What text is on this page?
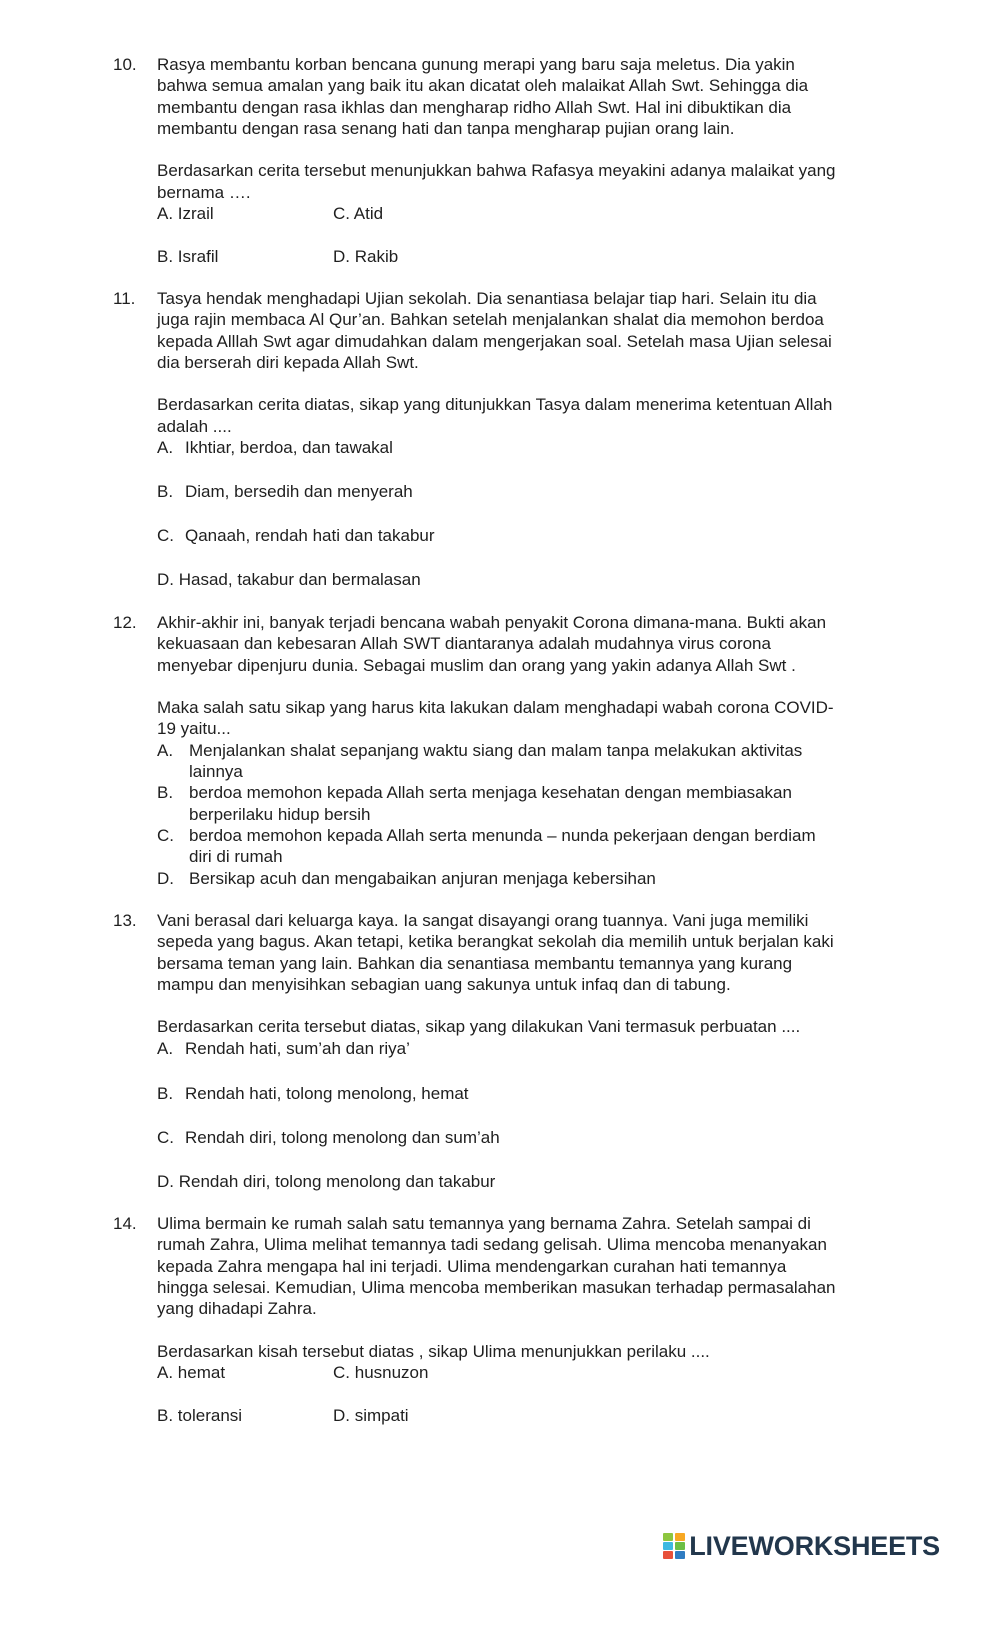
10. Rasya membantu korban bencana gunung merapi yang baru saja meletus. Dia yakin
bahwa semua amalan yang baik itu akan dicatat oleh malaikat Allah Swt. Sehingga dia
membantu dengan rasa ikhlas dan mengharap ridho Allah Swt. Hal ini dibuktikan dia
membantu dengan rasa senang hati dan tanpa mengharap pujian orang lain.
Berdasarkan cerita tersebut menunjukkan bahwa Rafasya meyakini adanya malaikat yang
bernama ….
A. Izrail	C. Atid
B. Israfil	D. Rakib
11. Tasya hendak menghadapi Ujian sekolah. Dia senantiasa belajar tiap hari. Selain itu dia
juga rajin membaca Al Qur’an. Bahkan setelah menjalankan shalat dia memohon berdoa
kepada Alllah Swt agar dimudahkan dalam mengerjakan soal. Setelah masa Ujian selesai
dia berserah diri kepada Allah Swt.
Berdasarkan cerita diatas, sikap yang ditunjukkan Tasya dalam menerima ketentuan Allah
adalah ....
A. Ikhtiar, berdoa, dan tawakal
B. Diam, bersedih dan menyerah
C. Qanaah, rendah hati dan takabur
D. Hasad, takabur dan bermalasan
12. Akhir-akhir ini, banyak terjadi bencana wabah penyakit Corona dimana-mana. Bukti akan
kekuasaan dan kebesaran Allah SWT diantaranya adalah mudahnya virus corona
menyebar dipenjuru dunia. Sebagai muslim dan orang yang yakin adanya Allah Swt .
Maka salah satu sikap yang harus kita lakukan dalam menghadapi wabah corona COVID-
19 yaitu...
A. Menjalankan shalat sepanjang waktu siang dan malam tanpa melakukan aktivitas
lainnya
B. berdoa memohon kepada Allah serta menjaga kesehatan dengan membiasakan
berperilaku hidup bersih
C. berdoa memohon kepada Allah serta menunda – nunda pekerjaan dengan berdiam
diri di rumah
D. Bersikap acuh dan mengabaikan anjuran menjaga kebersihan
13. Vani berasal dari keluarga kaya. Ia sangat disayangi orang tuannya. Vani juga memiliki
sepeda yang bagus. Akan tetapi, ketika berangkat sekolah dia memilih untuk berjalan kaki
bersama teman yang lain. Bahkan dia senantiasa membantu temannya yang kurang
mampu dan menyisihkan sebagian uang sakunya untuk infaq dan di tabung.
Berdasarkan cerita tersebut diatas, sikap yang dilakukan Vani termasuk perbuatan ....
A. Rendah hati, sum’ah dan riya’
B. Rendah hati, tolong menolong, hemat
C. Rendah diri, tolong menolong dan sum’ah
D. Rendah diri, tolong menolong dan takabur
14. Ulima bermain ke rumah salah satu temannya yang bernama Zahra. Setelah sampai di
rumah Zahra, Ulima melihat temannya tadi sedang gelisah. Ulima mencoba menanyakan
kepada Zahra mengapa hal ini terjadi. Ulima mendengarkan curahan hati temannya
hingga selesai. Kemudian, Ulima mencoba memberikan masukan terhadap permasalahan
yang dihadapi Zahra.
Berdasarkan kisah tersebut diatas , sikap Ulima menunjukkan perilaku ....
A. hemat	C. husnuzon
B. toleransi	D. simpati
LIVEWORKSHEETS
